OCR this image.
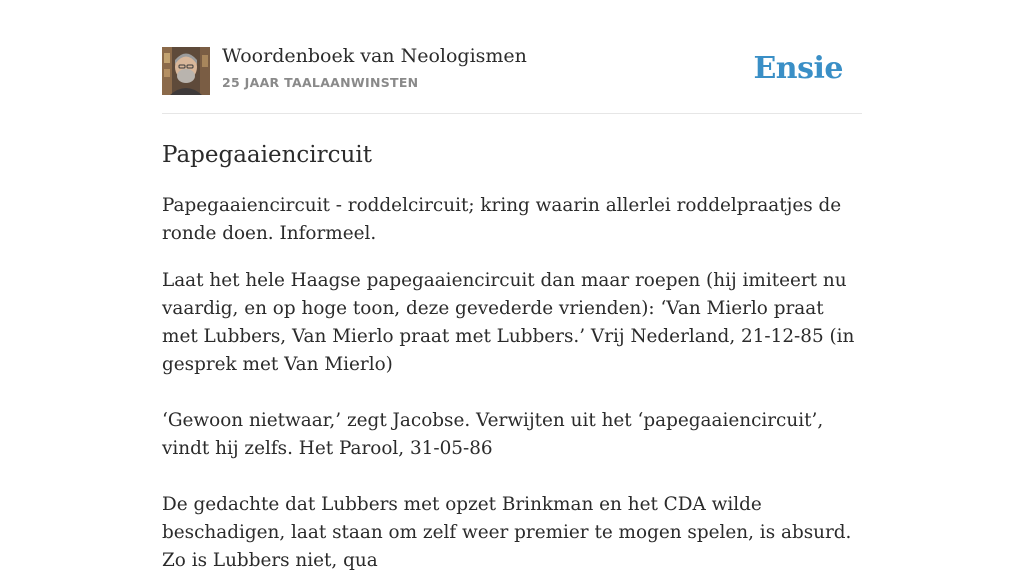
Woordenboek van Neologismen
25 JAAR TAALAANWINSTEN	Ensie
Papegaaiencircuit

Papegaaiencircuit - roddelcircuit; kring waarin allerlei roddelpraatjes de ronde doen. Informeel.

Laat het hele Haagse papegaaiencircuit dan maar roepen (hij imiteert nu vaardig, en op hoge toon, deze gevederde vrienden): ‘Van Mierlo praat met Lubbers, Van Mierlo praat met Lubbers.’ Vrij Nederland, 21-12-85 (in gesprek met Van Mierlo)

‘Gewoon nietwaar,’ zegt Jacobse. Verwijten uit het ‘papegaaiencircuit’, vindt hij zelfs. Het Parool, 31-05-86

De gedachte dat Lubbers met opzet Brinkman en het CDA wilde beschadigen, laat staan om zelf weer premier te mogen spelen, is absurd. Zo is Lubbers niet, qua
